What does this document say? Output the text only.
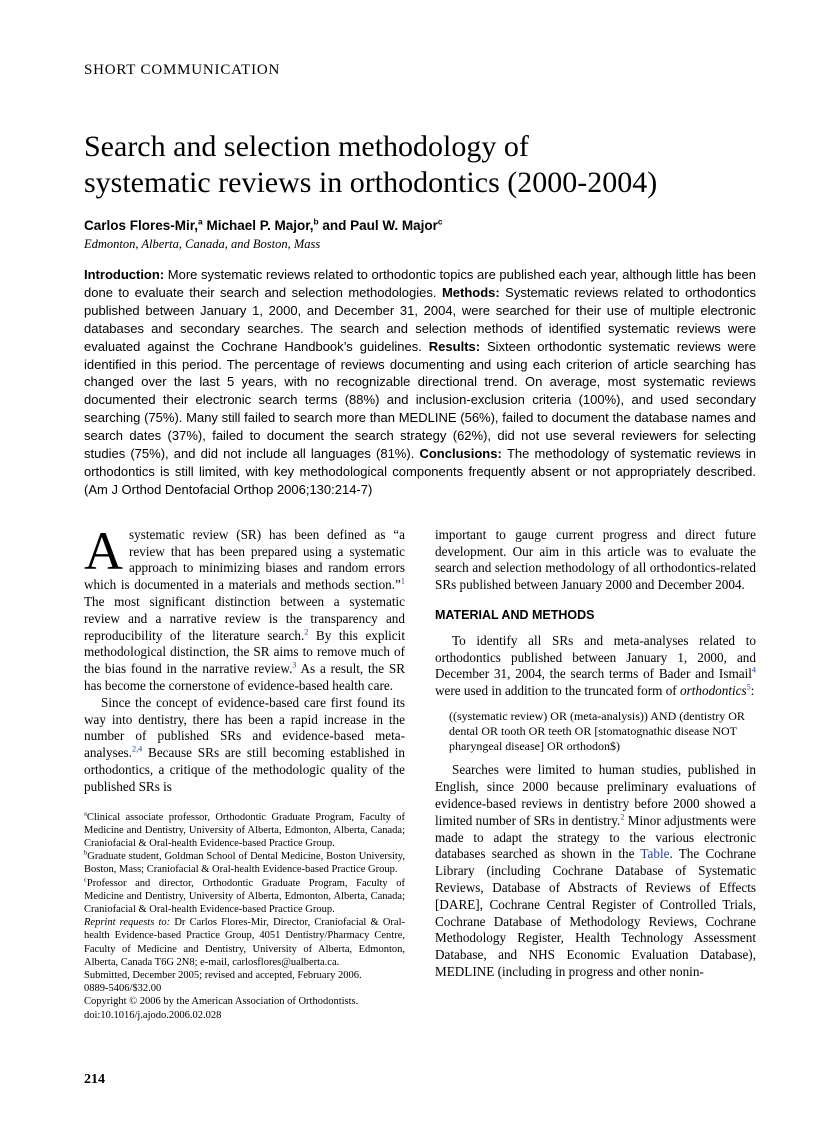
SHORT COMMUNICATION
Search and selection methodology of
systematic reviews in orthodontics (2000-2004)
Carlos Flores-Mir,$^a$ Michael P. Major,$^b$ and Paul W. Major$^c$
Edmonton, Alberta, Canada, and Boston, Mass
Introduction: More systematic reviews related to orthodontic topics are published each year, although little has been done to evaluate their search and selection methodologies. Methods: Systematic reviews related to orthodontics published between January 1, 2000, and December 31, 2004, were searched for their use of multiple electronic databases and secondary searches. The search and selection methods of identified systematic reviews were evaluated against the Cochrane Handbook’s guidelines. Results: Sixteen orthodontic systematic reviews were identified in this period. The percentage of reviews documenting and using each criterion of article searching has changed over the last 5 years, with no recognizable directional trend. On average, most systematic reviews documented their electronic search terms (88%) and inclusion-exclusion criteria (100%), and used secondary searching (75%). Many still failed to search more than MEDLINE (56%), failed to document the database names and search dates (37%), failed to document the search strategy (62%), did not use several reviewers for selecting studies (75%), and did not include all languages (81%). Conclusions: The methodology of systematic reviews in orthodontics is still limited, with key methodological components frequently absent or not appropriately described. (Am J Orthod Dentofacial Orthop 2006;130:214-7)

Asystematic review (SR) has been defined as “a review that has been prepared using a systematic approach to minimizing biases and random errors which is documented in a materials and methods section.”$^1$ The most significant distinction between a systematic review and a narrative review is the transparency and reproducibility of the literature search.$^2$ By this explicit methodological distinction, the SR aims to remove much of the bias found in the narrative review.$^3$ As a result, the SR has become the cornerstone of evidence-based health care.

Since the concept of evidence-based care first found its way into dentistry, there has been a rapid increase in the number of published SRs and evidence-based meta-analyses.$^{2,4}$ Because SRs are still becoming established in orthodontics, a critique of the methodologic quality of the published SRs is

$^a$Clinical associate professor, Orthodontic Graduate Program, Faculty of Medicine and Dentistry, University of Alberta, Edmonton, Alberta, Canada; Craniofacial & Oral-health Evidence-based Practice Group.

$^b$Graduate student, Goldman School of Dental Medicine, Boston University, Boston, Mass; Craniofacial & Oral-health Evidence-based Practice Group.

$^c$Professor and director, Orthodontic Graduate Program, Faculty of Medicine and Dentistry, University of Alberta, Edmonton, Alberta, Canada; Craniofacial & Oral-health Evidence-based Practice Group.

Reprint requests to: Dr Carlos Flores-Mir, Director, Craniofacial & Oral-health Evidence-based Practice Group, 4051 Dentistry/Pharmacy Centre, Faculty of Medicine and Dentistry, University of Alberta, Edmonton, Alberta, Canada T6G 2N8; e-mail, carlosflores@ualberta.ca.

Submitted, December 2005; revised and accepted, February 2006.

0889-5406/$32.00

Copyright © 2006 by the American Association of Orthodontists.

doi:10.1016/j.ajodo.2006.02.028

important to gauge current progress and direct future development. Our aim in this article was to evaluate the search and selection methodology of all orthodontics-related SRs published between January 2000 and December 2004.

MATERIAL AND METHODS

To identify all SRs and meta-analyses related to orthodontics published between January 1, 2000, and December 31, 2004, the search terms of Bader and Ismail$^4$ were used in addition to the truncated form of orthodontics$^5$:

((systematic review) OR (meta-analysis)) AND (dentistry OR dental OR tooth OR teeth OR [stomatognathic disease NOT pharyngeal disease] OR orthodon$)

Searches were limited to human studies, published in English, since 2000 because preliminary evaluations of evidence-based reviews in dentistry before 2000 showed a limited number of SRs in dentistry.$^2$ Minor adjustments were made to adapt the strategy to the various electronic databases searched as shown in the Table. The Cochrane Library (including Cochrane Database of Systematic Reviews, Database of Abstracts of Reviews of Effects [DARE], Cochrane Central Register of Controlled Trials, Cochrane Database of Methodology Reviews, Cochrane Methodology Register, Health Technology Assessment Database, and NHS Economic Evaluation Database), MEDLINE (including in progress and other nonin-

214
